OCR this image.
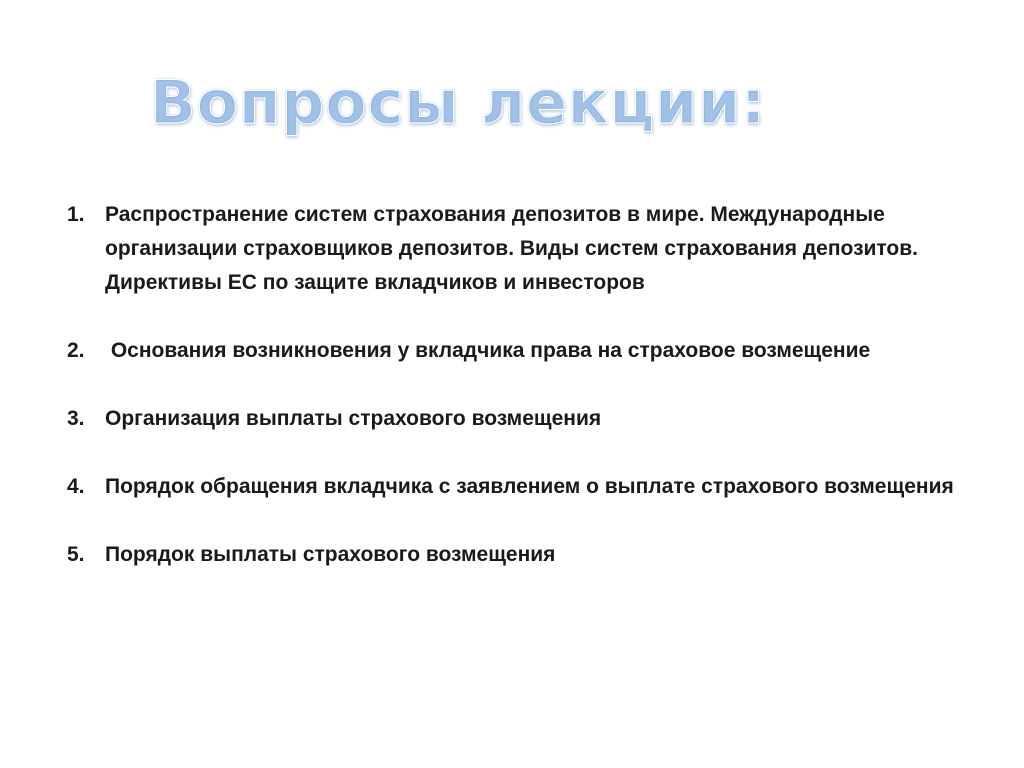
Вопросы лекции:
1. Распространение систем страхования депозитов в мире. Международные организации страховщиков депозитов. Виды систем страхования депозитов. Директивы ЕС по защите вкладчиков и инвесторов
2. Основания возникновения у вкладчика права на страховое возмещение
3. Организация выплаты страхового возмещения
4. Порядок обращения вкладчика с заявлением о выплате страхового возмещения
5. Порядок выплаты страхового возмещения
